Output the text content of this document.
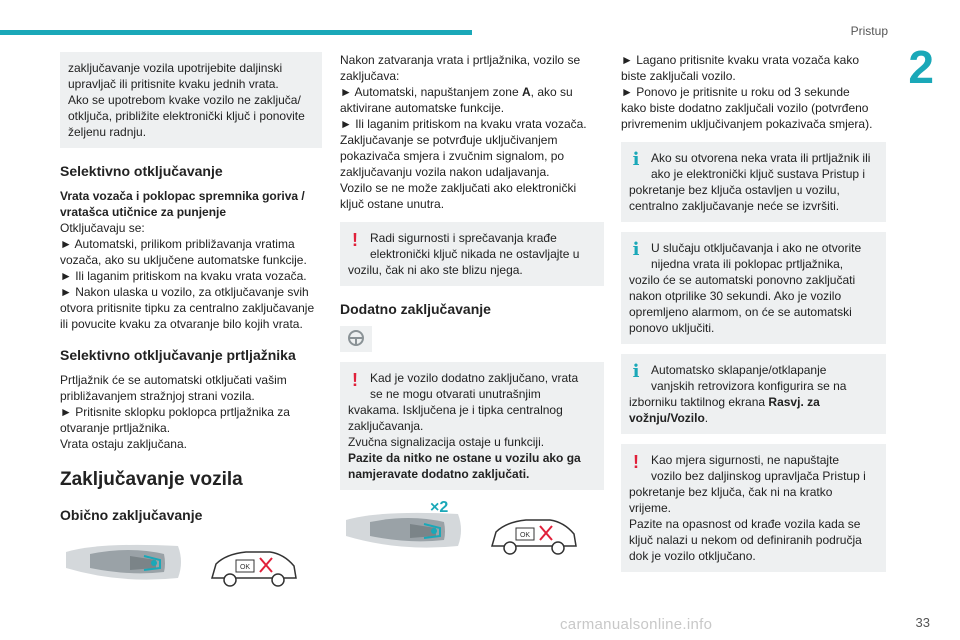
Pristup
2
zaključavanje vozila upotrijebite daljinski
upravljač ili pritisnite kvaku jednih vrata.
Ako se upotrebom kvake vozilo ne zaključa/
otključa, približite elektronički ključ i ponovite
željenu radnju.
Selektivno otključavanje
Vrata vozača i poklopac spremnika goriva /
vratašca utičnice za punjenje
Otključavaju se:
► Automatski, prilikom približavanja vratima
vozača, ako su uključene automatske funkcije.
► Ili laganim pritiskom na kvaku vrata vozača.
► Nakon ulaska u vozilo, za otključavanje svih
otvora pritisnite tipku za centralno zaključavanje
ili povucite kvaku za otvaranje bilo kojih vrata.
Selektivno otključavanje prtljažnika
Prtljažnik će se automatski otključati vašim
približavanjem stražnjoj strani vozila.
► Pritisnite sklopku poklopca prtljažnika za
otvaranje prtljažnika.
Vrata ostaju zaključana.
Zaključavanje vozila
Obično zaključavanje
OK
Nakon zatvaranja vrata i prtljažnika, vozilo se
zaključava:
► Automatski, napuštanjem zone A, ako su
aktivirane automatske funkcije.
► Ili laganim pritiskom na kvaku vrata vozača.
Zaključavanje se potvrđuje uključivanjem
pokazivača smjera i zvučnim signalom, po
zaključavanju vozila nakon udaljavanja.
Vozilo se ne može zaključati ako elektronički
ključ ostane unutra.
!	Radi sigurnosti i sprečavanja krađe
elektronički ključ nikada ne ostavljajte u
vozilu, čak ni ako ste blizu njega.
Dodatno zaključavanje
!	Kad je vozilo dodatno zaključano, vrata
se ne mogu otvarati unutrašnjim
kvakama. Isključena je i tipka centralnog
zaključavanja.
Zvučna signalizacija ostaje u funkciji.
Pazite da nitko ne ostane u vozilu ako ga
namjeravate dodatno zaključati.
×2
OK
► Lagano pritisnite kvaku vrata vozača kako
biste zaključali vozilo.
► Ponovo je pritisnite u roku od 3 sekunde
kako biste dodatno zaključali vozilo (potvrđeno
privremenim uključivanjem pokazivača smjera).
i Ako su otvorena neka vrata ili prtljažnik ili
ako je elektronički ključ sustava Pristup i
pokretanje bez ključa ostavljen u vozilu,
centralno zaključavanje neće se izvršiti.
i U slučaju otključavanja i ako ne otvorite
nijedna vrata ili poklopac prtljažnika,
vozilo će se automatski ponovno zaključati
nakon otprilike 30 sekundi. Ako je vozilo
opremljeno alarmom, on će se automatski
ponovo uključiti.
i Automatsko sklapanje/otklapanje
vanjskih retrovizora konfigurira se na
izborniku taktilnog ekrana Rasvj. za
vožnju/Vozilo.
!	Kao mjera sigurnosti, ne napuštajte
vozilo bez daljinskog upravljača Pristup i
pokretanje bez ključa, čak ni na kratko
vrijeme.
Pazite na opasnost od krađe vozila kada se
ključ nalazi u nekom od definiranih područja
dok je vozilo otključano.
carmanualsonline.info	33
